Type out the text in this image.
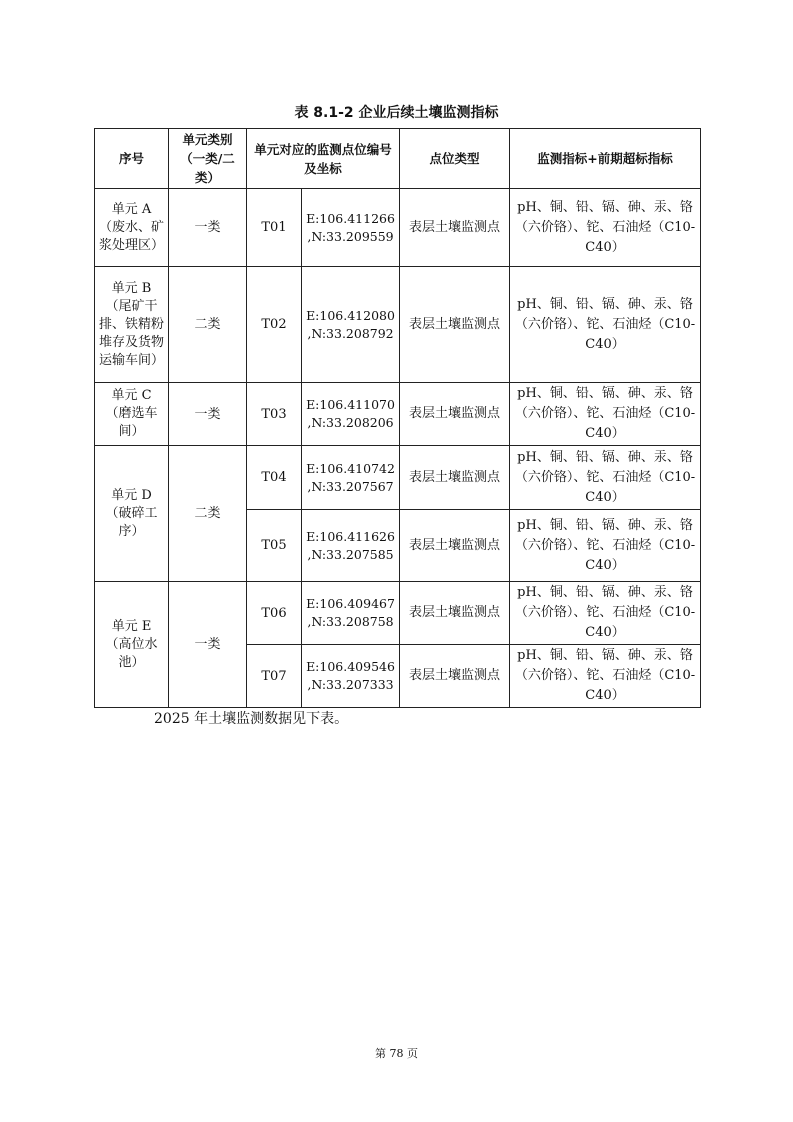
表 8.1-2 企业后续土壤监测指标
序号	单元类别（一类/二类）	单元对应的监测点位编号及坐标		点位类型	监测指标+前期超标指标
单元 A（废水、矿浆处理区）	一类	T01	E:106.411266 ,N:33.209559	表层土壤监测点	pH、铜、铅、镉、砷、汞、铬（六价铬）、铊、石油烃（C10-C40）
单元 B（尾矿干排、铁精粉堆存及货物运输车间）	二类	T02	E:106.412080 ,N:33.208792	表层土壤监测点	pH、铜、铅、镉、砷、汞、铬（六价铬）、铊、石油烃（C10-C40）
单元 C（磨选车间）	一类	T03	E:106.411070 ,N:33.208206	表层土壤监测点	pH、铜、铅、镉、砷、汞、铬（六价铬）、铊、石油烃（C10-C40）
单元 D（破碎工序）	二类	T04	E:106.410742 ,N:33.207567	表层土壤监测点	pH、铜、铅、镉、砷、汞、铬（六价铬）、铊、石油烃（C10-C40）
		T05	E:106.411626 ,N:33.207585	表层土壤监测点	pH、铜、铅、镉、砷、汞、铬（六价铬）、铊、石油烃（C10-C40）
单元 E（高位水池）	一类	T06	E:106.409467 ,N:33.208758	表层土壤监测点	pH、铜、铅、镉、砷、汞、铬（六价铬）、铊、石油烃（C10-C40）
		T07	E:106.409546 ,N:33.207333	表层土壤监测点	pH、铜、铅、镉、砷、汞、铬（六价铬）、铊、石油烃（C10-C40）
2025 年土壤监测数据见下表。
第 78 页
